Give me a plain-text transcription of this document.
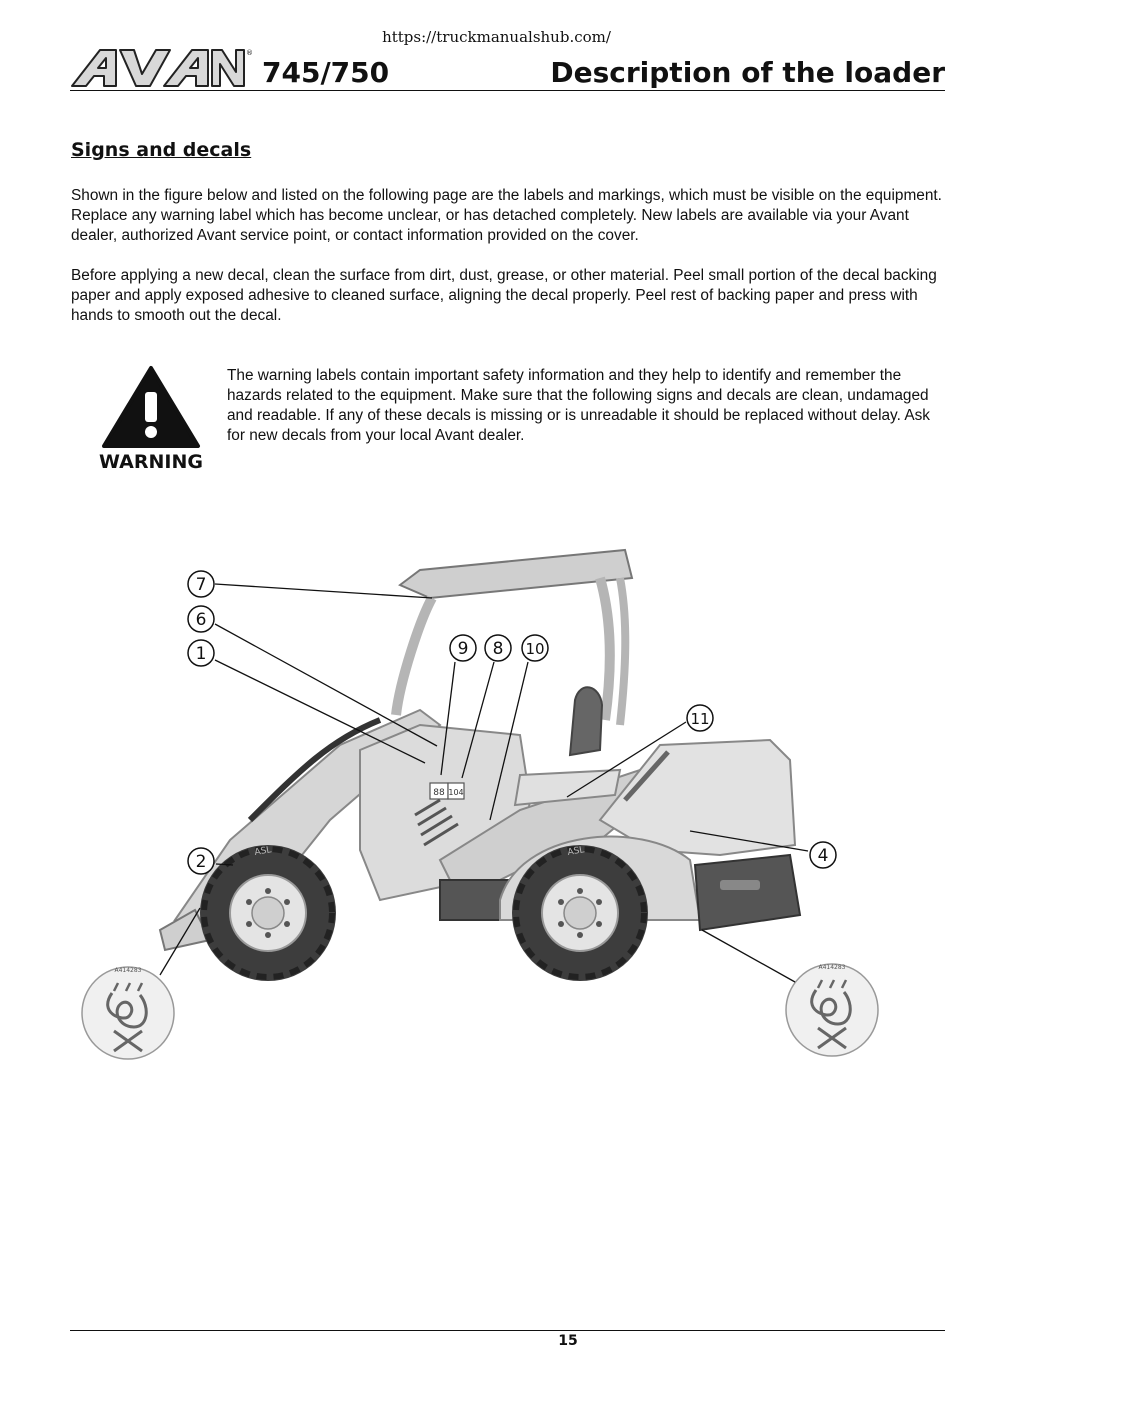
https://truckmanualshub.com/
®
745/750	Description of the loader
Signs and decals

Shown in the figure below and listed on the following page are the labels and markings, which must be visible on the equipment. Replace any warning label which has become unclear, or has detached completely. New labels are available via your Avant dealer, authorized Avant service point, or contact information provided on the cover.

Before applying a new decal, clean the surface from dirt, dust, grease, or other material. Peel small portion of the decal backing paper and apply exposed adhesive to cleaned surface, aligning the decal properly. Peel rest of backing paper and press with hands to smooth out the decal.

WARNING

The warning labels contain important safety information and they help to identify and remember the hazards related to the equipment. Make sure that the following signs and decals are clean, undamaged and readable. If any of these decals is missing or is unreadable it should be replaced without delay. Ask for new decals from your local Avant dealer.

88 104
ASL	ASL
A414283	A414283
7
6
1	9 8 10
11
2	4
15
